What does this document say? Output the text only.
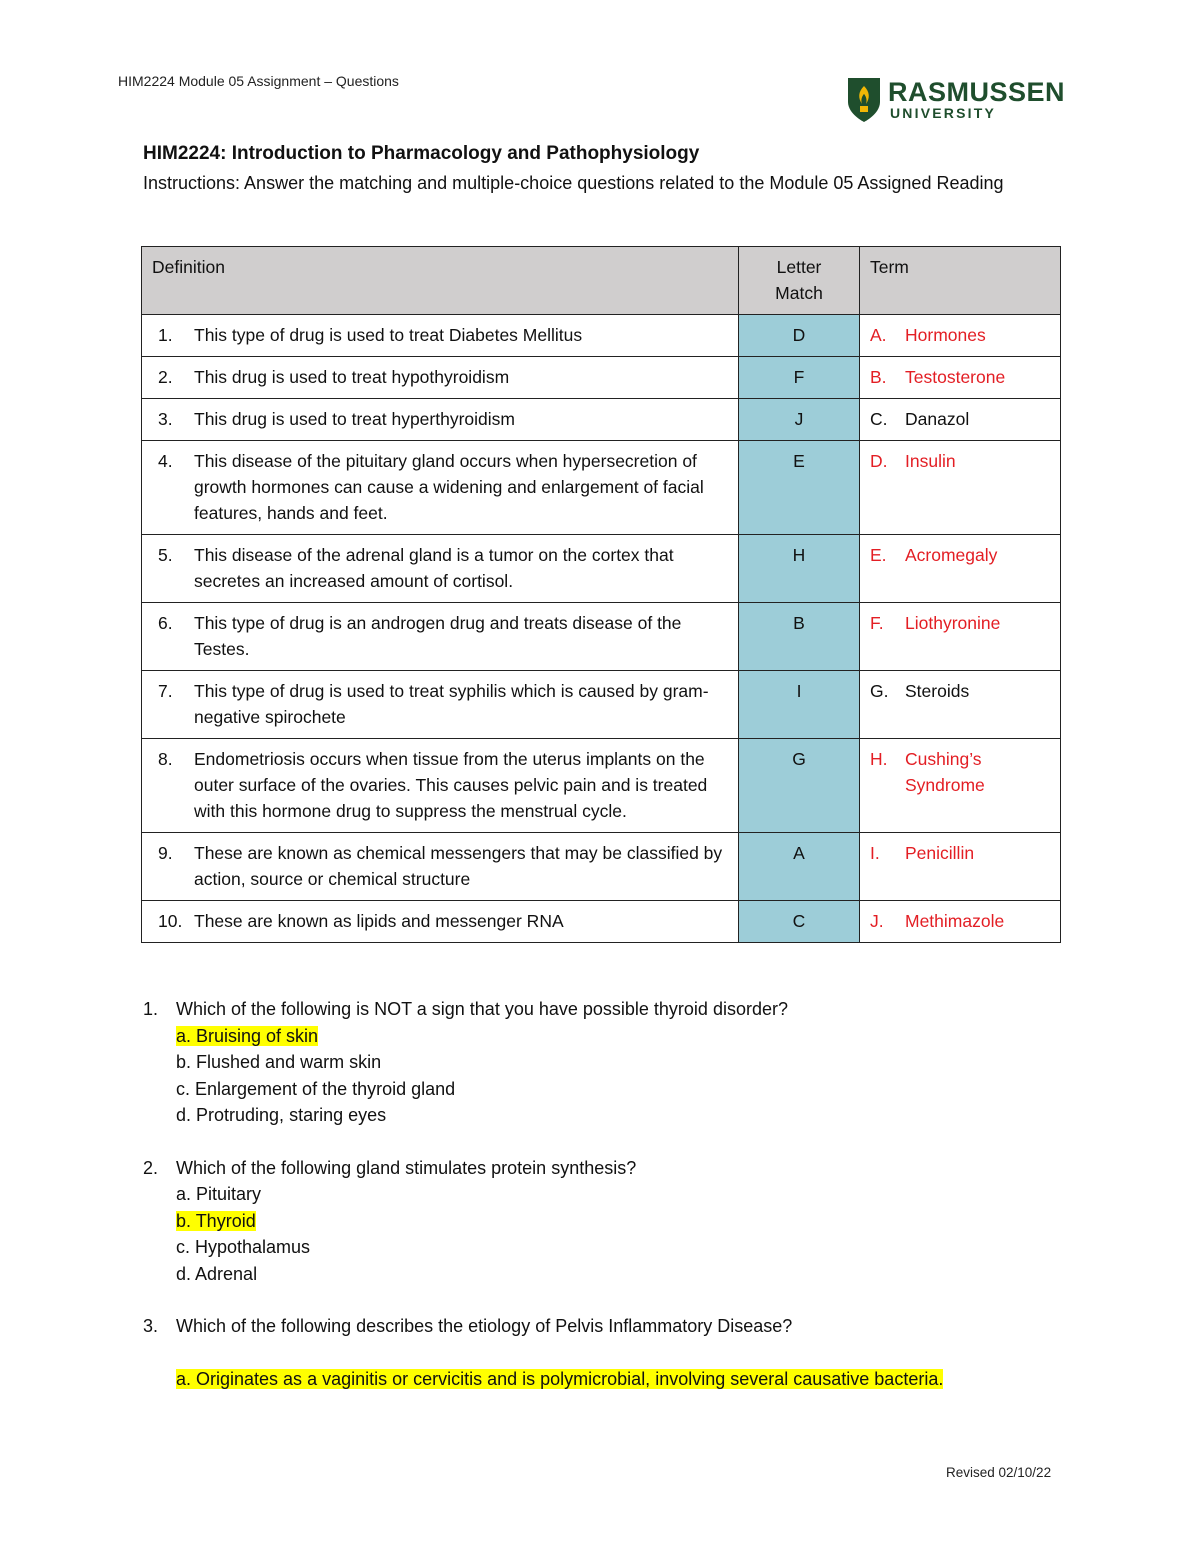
HIM2224 Module 05 Assignment – Questions	RASMUSSEN
UNIVERSITY
HIM2224: Introduction to Pharmacology and Pathophysiology
Instructions: Answer the matching and multiple-choice questions related to the Module 05 Assigned Reading
Definition	Letter Match	Term

1. This type of drug is used to treat Diabetes Mellitus	D	A. Hormones

2. This drug is used to treat hypothyroidism	F	B. Testosterone

3. This drug is used to treat hyperthyroidism	J	C. Danazol

4. This disease of the pituitary gland occurs when hypersecretion of growth hormones can cause a widening and enlargement of facial features, hands and feet.	E	D. Insulin

5. This disease of the adrenal gland is a tumor on the cortex that secretes an increased amount of cortisol.	H	E. Acromegaly

6. This type of drug is an androgen drug and treats disease of the Testes.	B	F. Liothyronine

7. This type of drug is used to treat syphilis which is caused by gram-negative spirochete	I	G. Steroids

8. Endometriosis occurs when tissue from the uterus implants on the outer surface of the ovaries. This causes pelvic pain and is treated with this hormone drug to suppress the menstrual cycle.	G	H. Cushing’s Syndrome

9. These are known as chemical messengers that may be classified by action, source or chemical structure	A	I. Penicillin

10. These are known as lipids and messenger RNA	C	J. Methimazole
1. Which of the following is NOT a sign that you have possible thyroid disorder?
a. Bruising of skin
b. Flushed and warm skin
c. Enlargement of the thyroid gland
d. Protruding, staring eyes
2. Which of the following gland stimulates protein synthesis?
a. Pituitary
b. Thyroid
c. Hypothalamus
d. Adrenal
3. Which of the following describes the etiology of Pelvis Inflammatory Disease?
a. Originates as a vaginitis or cervicitis and is polymicrobial, involving several causative bacteria.
Revised 02/10/22
